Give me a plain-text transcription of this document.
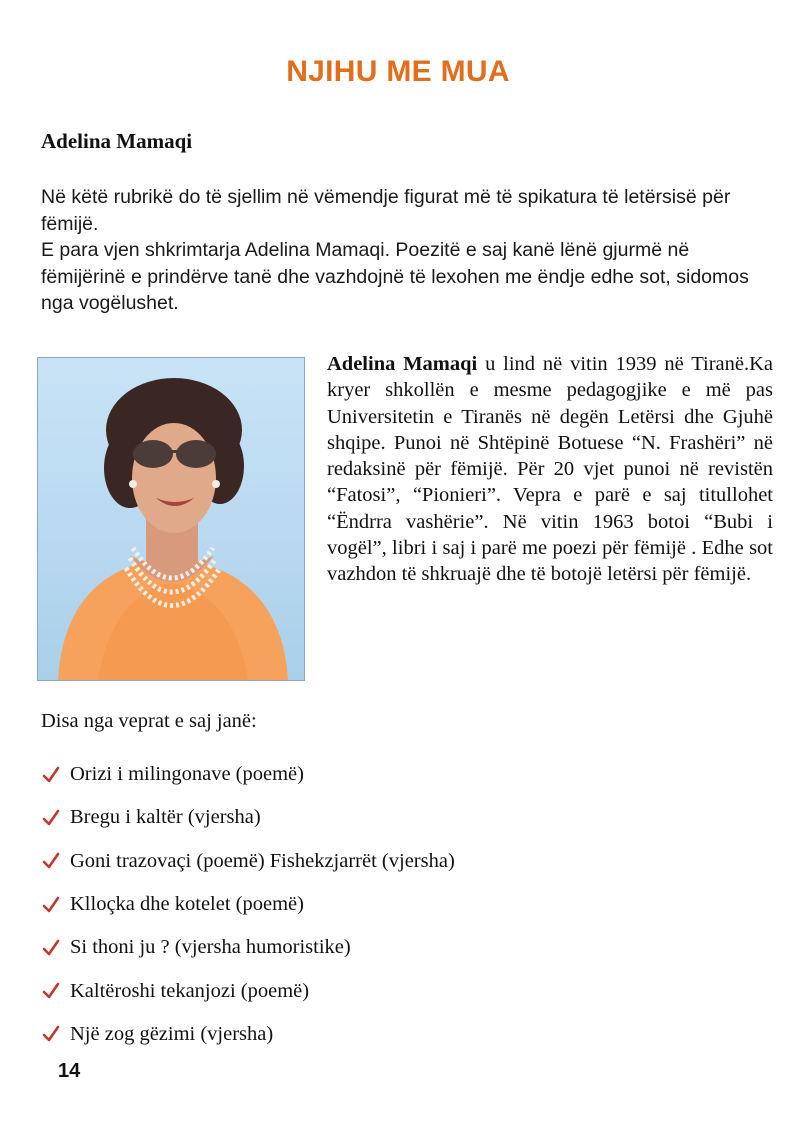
NJIHU ME MUA
Adelina Mamaqi

Në këtë rubrikë do të sjellim në vëmendje figurat më të spikatura të letërsisë për fëmijë.

E para vjen shkrimtarja Adelina Mamaqi. Poezitë e saj kanë lënë gjurmë në fëmijërinë e prindërve tanë dhe vazhdojnë të lexohen me ëndje edhe sot, sidomos nga vogëlushet.

Adelina Mamaqi u lind në vitin 1939 në Tiranë.Ka kryer shkollën e mesme pedagogjike e më pas Universitetin e Tiranës në degën Letërsi dhe Gjuhë shqipe. Punoi në Shtëpinë Botuese “N. Frashëri” në redaksinë për fëmijë. Për 20 vjet punoi në revistën “Fatosi”, “Pionieri”. Vepra e parë e saj titullohet “Ëndrra vashërie”. Në vitin 1963 botoi “Bubi i vogël”, libri i saj i parë me poezi për fëmijë . Edhe sot vazhdon të shkruajë dhe të botojë letërsi për fëmijë.
Disa nga veprat e saj janë:
Orizi i milingonave (poemë)
Bregu i kaltër (vjersha)
Goni trazovaçi (poemë) Fishekzjarrët (vjersha)
Klloçka dhe kotelet (poemë)
Si thoni ju ? (vjersha humoristike)
Kaltëroshi tekanjozi (poemë)
Një zog gëzimi (vjersha)
14
